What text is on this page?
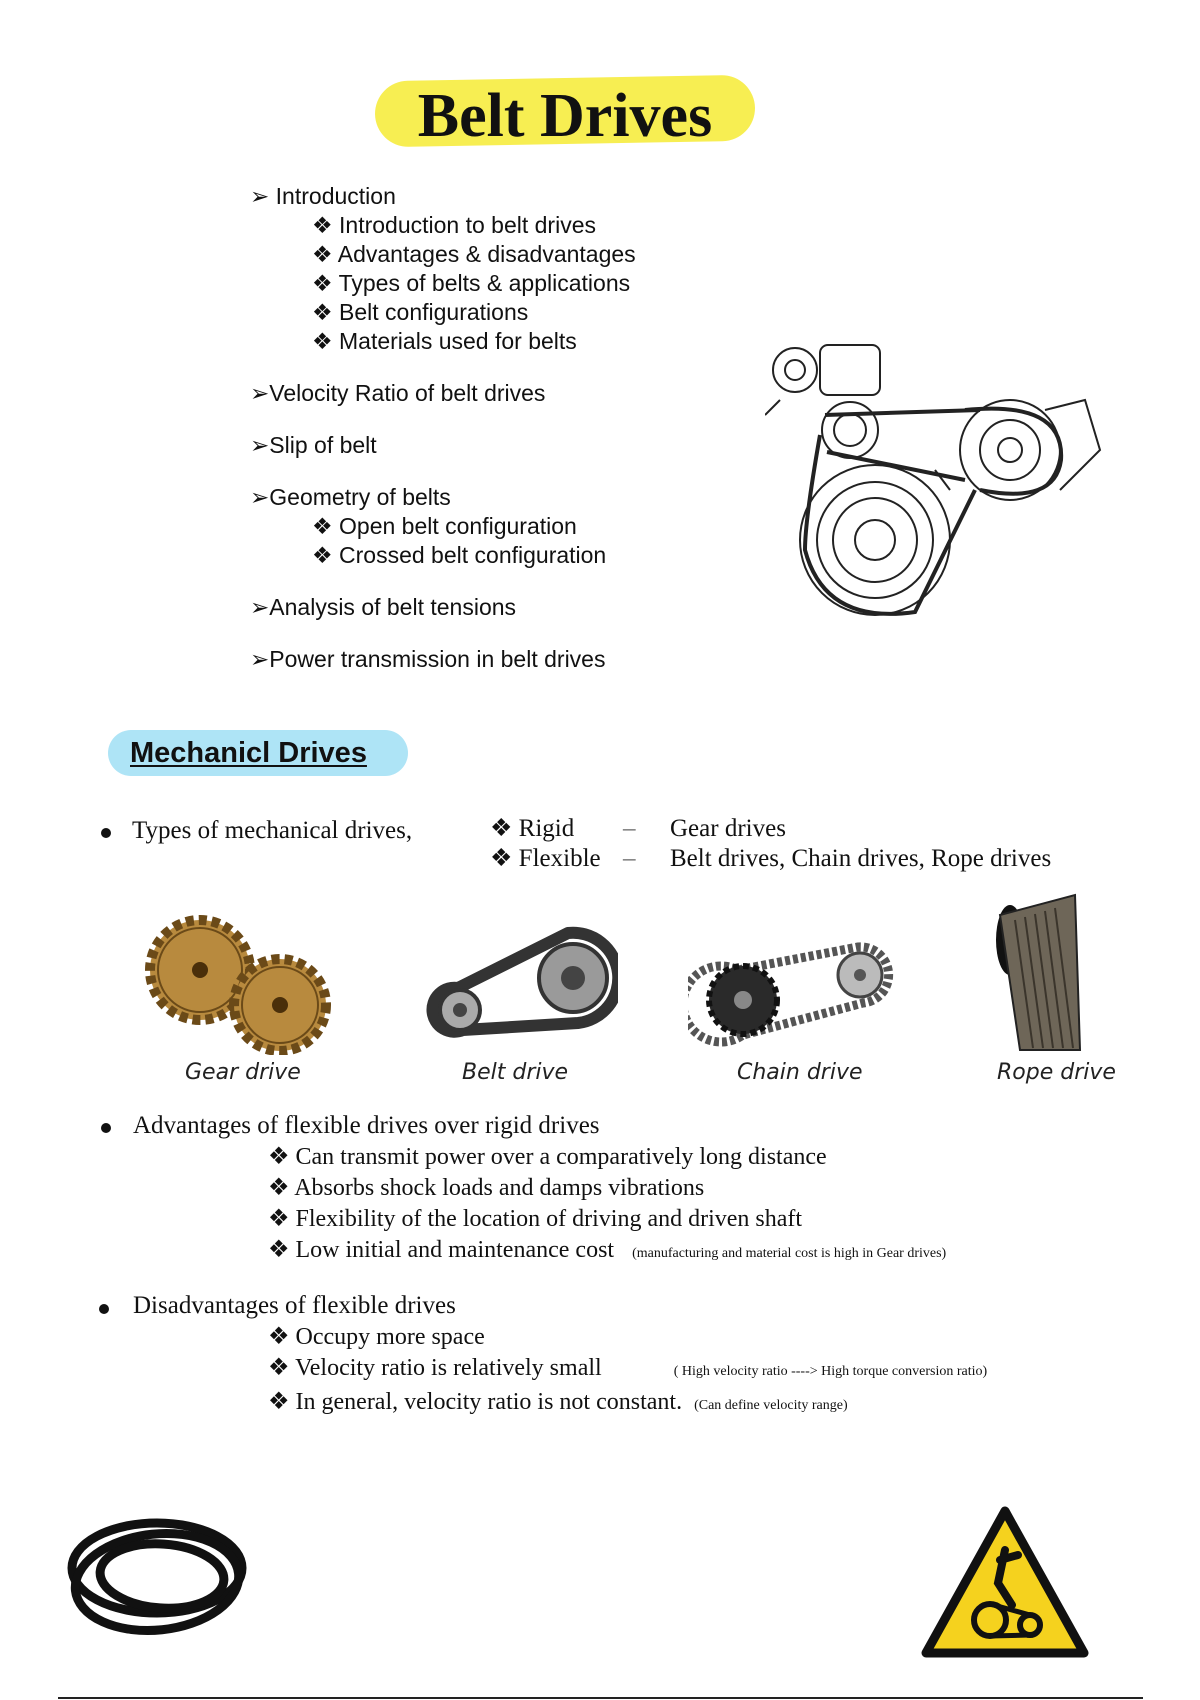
Belt Drives
➢ Introduction
❖ Introduction to belt drives
❖ Advantages & disadvantages
❖ Types of belts & applications
❖ Belt configurations
❖ Materials used for belts
➢Velocity Ratio of belt drives
➢Slip of belt
➢Geometry of belts
❖ Open belt configuration
❖ Crossed belt configuration
➢Analysis of belt tensions
➢Power transmission in belt drives
Mechanicl Drives
Types of mechanical drives,	❖ Rigid – Gear drives
❖ Flexible – Belt drives, Chain drives, Rope drives
Gear drive	Belt drive	Chain drive	Rope drive
Advantages of flexible drives over rigid drives
❖ Can transmit power over a comparatively long distance
❖ Absorbs shock loads and damps vibrations
❖ Flexibility of the location of driving and driven shaft
❖ Low initial and maintenance cost (manufacturing and material cost is high in Gear drives)
Disadvantages of flexible drives
❖ Occupy more space
❖ Velocity ratio is relatively small	( High velocity ratio ----> High torque conversion ratio)
❖ In general, velocity ratio is not constant. (Can define velocity range)
